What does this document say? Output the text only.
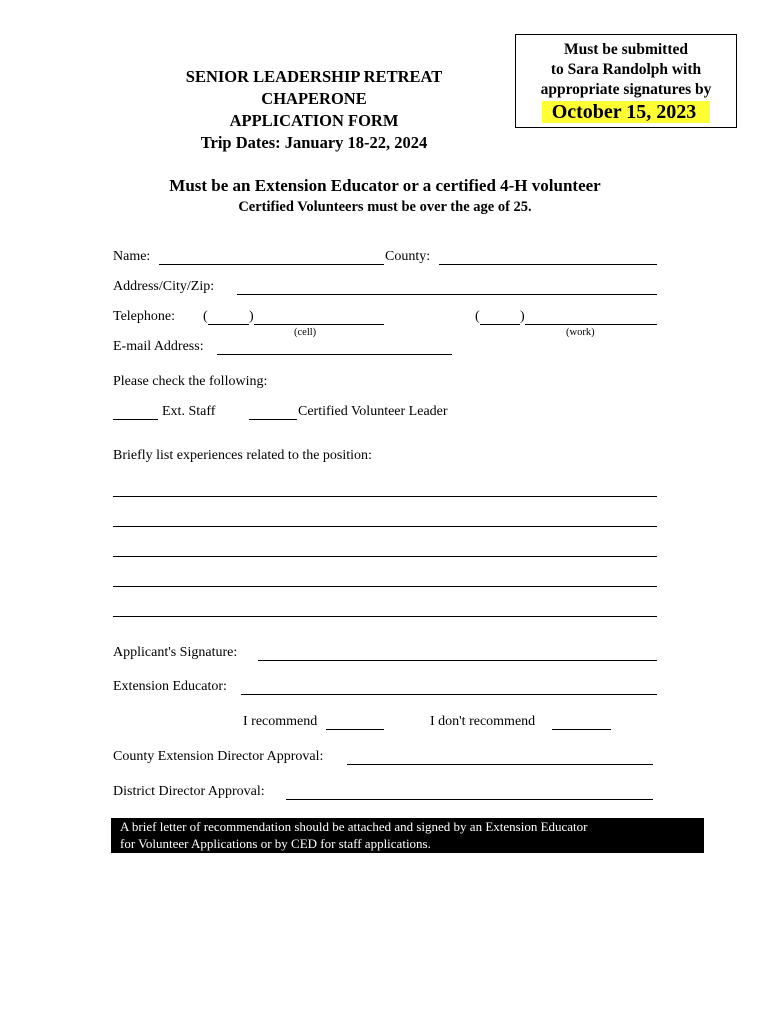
SENIOR LEADERSHIP RETREAT
CHAPERONE
APPLICATION FORM
Trip Dates: January 18-22, 2024
Must be submitted
to Sara Randolph with
appropriate signatures by
October 15, 2023
Must be an Extension Educator or a certified 4-H volunteer
Certified Volunteers must be over the age of 25.
Name:	County:
Address/City/Zip:
Telephone: (	)
(cell)
(	)
(work)
E-mail Address:
Please check the following:
Ext. Staff	Certified Volunteer Leader
Briefly list experiences related to the position:
Applicant's Signature:
Extension Educator:
I recommend	I don't recommend
County Extension Director Approval:
District Director Approval:
A brief letter of recommendation should be attached and signed by an Extension Educator
for Volunteer Applications or by CED for staff applications.
